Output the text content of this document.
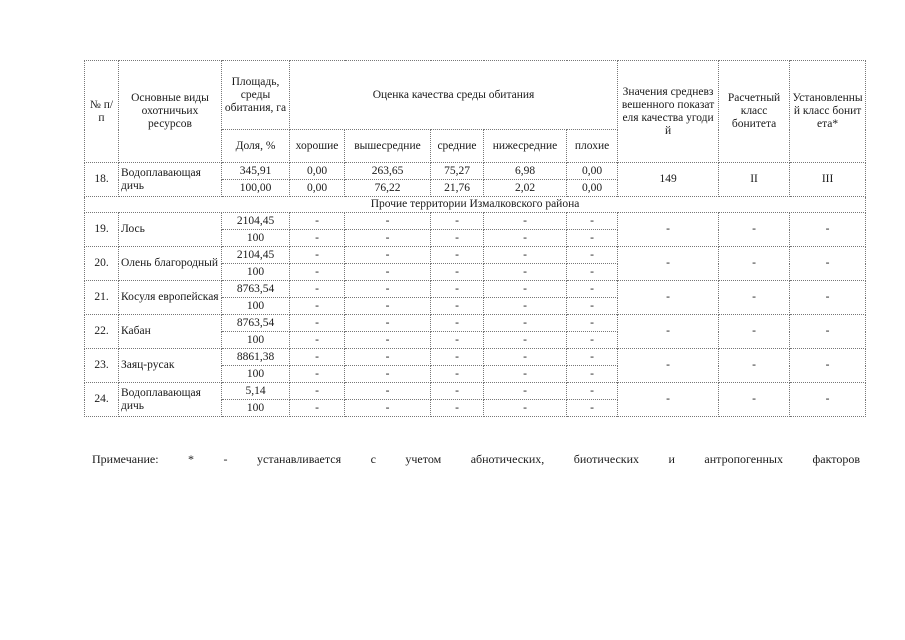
№ п/п	Основные виды охотничьих ресурсов	Площадь, среды обитания, га	Оценка качества среды обитания					Значения средневзвешенного показателя качества угодий	Расчетный класс бонитета	Установленный класс бонитета*
		Доля, %	хорошие	вышесредние	средние	нижесредние	плохие			
18.	Водоплавающая дичь	345,91	0,00	263,65	75,27	6,98	0,00	149	II	III
		100,00	0,00	76,22	21,76	2,02	0,00			
Прочие территории Измалковского района										
19.	Лось	2104,45	-	-	-	-	-	-	-	-
		100	-	-	-	-	-			
20.	Олень благородный	2104,45	-	-	-	-	-	-	-	-
		100	-	-	-	-	-			
21.	Косуля европейская	8763,54	-	-	-	-	-	-	-	-
		100	-	-	-	-	-			
22.	Кабан	8763,54	-	-	-	-	-	-	-	-
		100	-	-	-	-	-			
23.	Заяц-русак	8861,38	-	-	-	-	-	-	-	-
		100	-	-	-	-	-			
24.	Водоплавающая дичь	5,14	-	-	-	-	-	-	-	-
		100	-	-	-	-	-			
Примечание: * - устанавливается с учетом абнотических, биотических и антропогенных факторов
